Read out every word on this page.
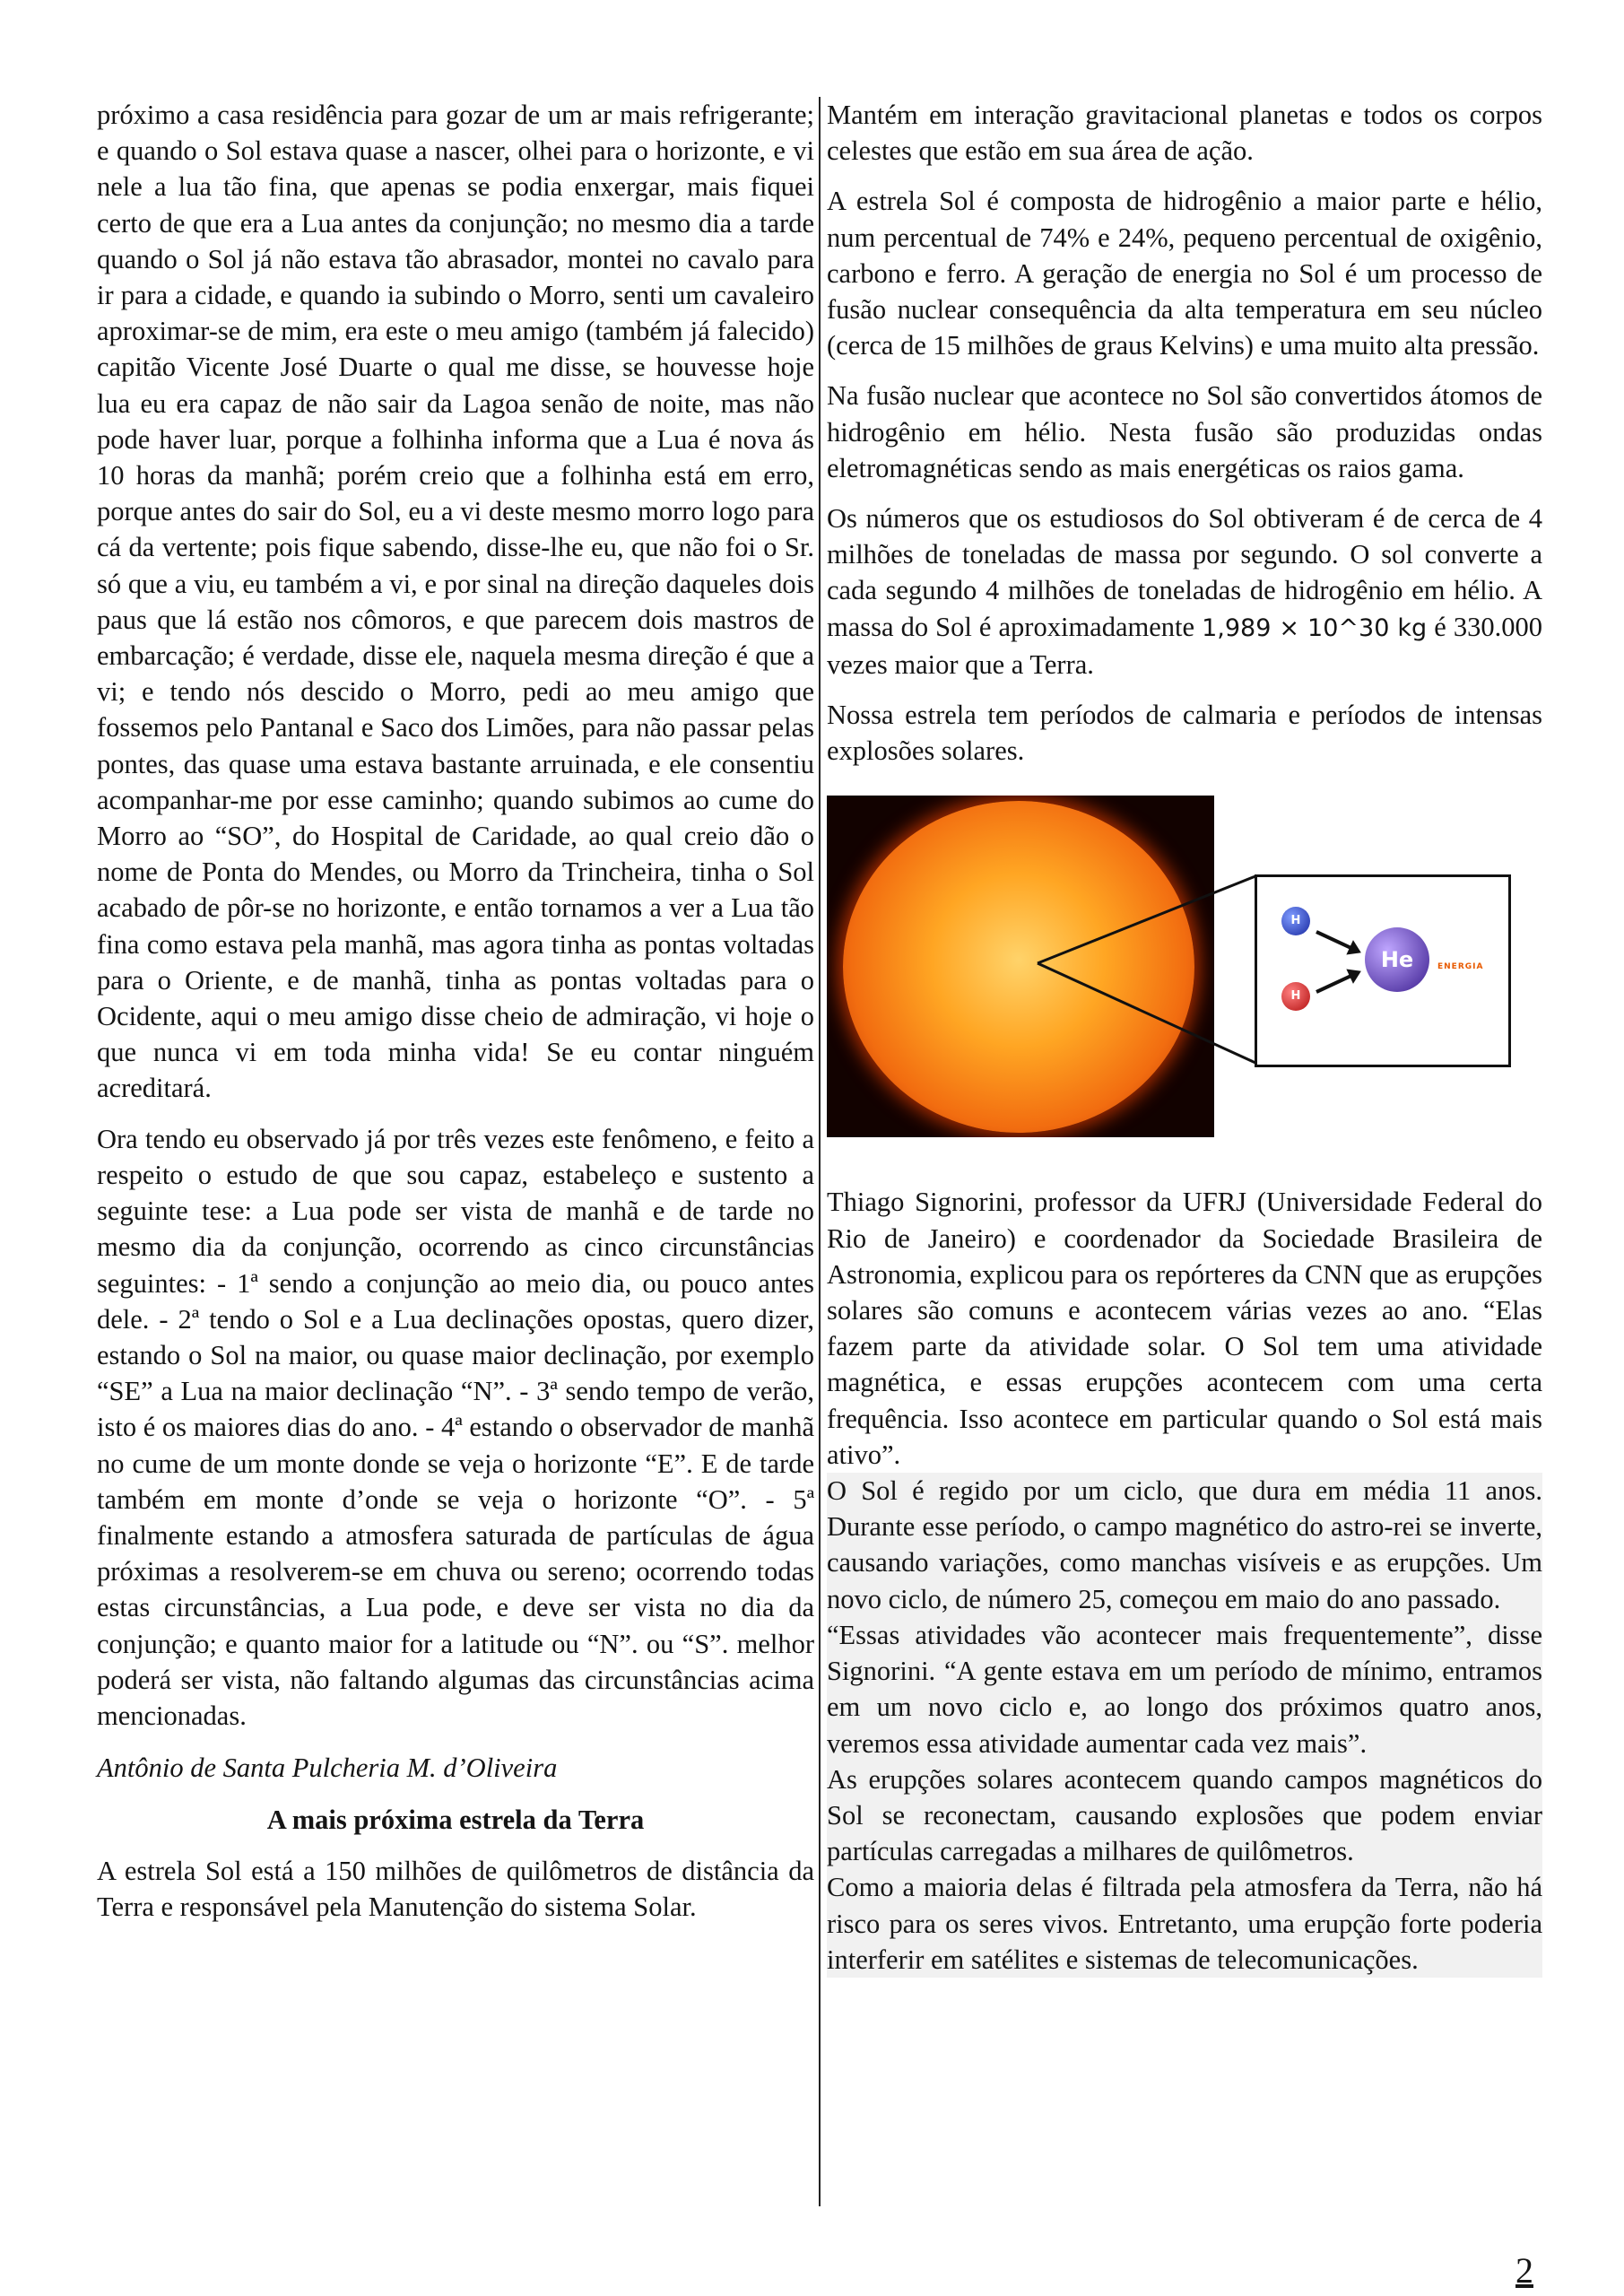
próximo a casa residência para gozar de um ar mais refrigerante; e quando o Sol estava quase a nascer, olhei para o horizonte, e vi nele a lua tão fina, que apenas se podia enxergar, mais fiquei certo de que era a Lua antes da conjunção; no mesmo dia a tarde quando o Sol já não estava tão abrasador, montei no cavalo para ir para a cidade, e quando ia subindo o Morro, senti um cavaleiro aproximar-se de mim, era este o meu amigo (também já falecido) capitão Vicente José Duarte o qual me disse, se houvesse hoje lua eu era capaz de não sair da Lagoa senão de noite, mas não pode haver luar, porque a folhinha informa que a Lua é nova ás 10 horas da manhã; porém creio que a folhinha está em erro, porque antes do sair do Sol, eu a vi deste mesmo morro logo para cá da vertente; pois fique sabendo, disse-lhe eu, que não foi o Sr. só que a viu, eu também a vi, e por sinal na direção daqueles dois paus que lá estão nos cômoros, e que parecem dois mastros de embarcação; é verdade, disse ele, naquela mesma direção é que a vi; e tendo nós descido o Morro, pedi ao meu amigo que fossemos pelo Pantanal e Saco dos Limões, para não passar pelas pontes, das quase uma estava bastante arruinada, e ele consentiu acompanhar-me por esse caminho; quando subimos ao cume do Morro ao “SO”, do Hospital de Caridade, ao qual creio dão o nome de Ponta do Mendes, ou Morro da Trincheira, tinha o Sol acabado de pôr-se no horizonte, e então tornamos a ver a Lua tão fina como estava pela manhã, mas agora tinha as pontas voltadas para o Oriente, e de manhã, tinha as pontas voltadas para o Ocidente, aqui o meu amigo disse cheio de admiração, vi hoje o que nunca vi em toda minha vida! Se eu contar ninguém acreditará.

Ora tendo eu observado já por três vezes este fenômeno, e feito a respeito o estudo de que sou capaz, estabeleço e sustento a seguinte tese: a Lua pode ser vista de manhã e de tarde no mesmo dia da conjunção, ocorrendo as cinco circunstâncias seguintes: - 1ª sendo a conjunção ao meio dia, ou pouco antes dele. - 2ª tendo o Sol e a Lua declinações opostas, quero dizer, estando o Sol na maior, ou quase maior declinação, por exemplo “SE” a Lua na maior declinação “N”. - 3ª sendo tempo de verão, isto é os maiores dias do ano. - 4ª estando o observador de manhã no cume de um monte donde se veja o horizonte “E”. E de tarde também em monte d’onde se veja o horizonte “O”. - 5ª finalmente estando a atmosfera saturada de partículas de água próximas a resolverem-se em chuva ou sereno; ocorrendo todas estas circunstâncias, a Lua pode, e deve ser vista no dia da conjunção; e quanto maior for a latitude ou “N”. ou “S”. melhor poderá ser vista, não faltando algumas das circunstâncias acima mencionadas.

Antônio de Santa Pulcheria M. d’Oliveira

A mais próxima estrela da Terra

A estrela Sol está a 150 milhões de quilômetros de distância da Terra e responsável pela Manutenção do sistema Solar.

Mantém em interação gravitacional planetas e todos os corpos celestes que estão em sua área de ação.

A estrela Sol é composta de hidrogênio a maior parte e hélio, num percentual de 74% e 24%, pequeno percentual de oxigênio, carbono e ferro. A geração de energia no Sol é um processo de fusão nuclear consequência da alta temperatura em seu núcleo (cerca de 15 milhões de graus Kelvins) e uma muito alta pressão.

Na fusão nuclear que acontece no Sol são convertidos átomos de hidrogênio em hélio. Nesta fusão são produzidas ondas eletromagnéticas sendo as mais energéticas os raios gama.

Os números que os estudiosos do Sol obtiveram é de cerca de 4 milhões de toneladas de massa por segundo. O sol converte a cada segundo 4 milhões de toneladas de hidrogênio em hélio. A massa do Sol é aproximadamente 1,989 × 10^30 kg é 330.000 vezes maior que a Terra.

Nossa estrela tem períodos de calmaria e períodos de intensas explosões solares.

H
H
He	ENERGIA

Thiago Signorini, professor da UFRJ (Universidade Federal do Rio de Janeiro) e coordenador da Sociedade Brasileira de Astronomia, explicou para os repórteres da CNN que as erupções solares são comuns e acontecem várias vezes ao ano. “Elas fazem parte da atividade solar. O Sol tem uma atividade magnética, e essas erupções acontecem com uma certa frequência. Isso acontece em particular quando o Sol está mais ativo”.

O Sol é regido por um ciclo, que dura em média 11 anos. Durante esse período, o campo magnético do astro-rei se inverte, causando variações, como manchas visíveis e as erupções. Um novo ciclo, de número 25, começou em maio do ano passado.

“Essas atividades vão acontecer mais frequentemente”, disse Signorini. “A gente estava em um período de mínimo, entramos em um novo ciclo e, ao longo dos próximos quatro anos, veremos essa atividade aumentar cada vez mais”.

As erupções solares acontecem quando campos magnéticos do Sol se reconectam, causando explosões que podem enviar partículas carregadas a milhares de quilômetros.

Como a maioria delas é filtrada pela atmosfera da Terra, não há risco para os seres vivos. Entretanto, uma erupção forte poderia interferir em satélites e sistemas de telecomunicações.

2
